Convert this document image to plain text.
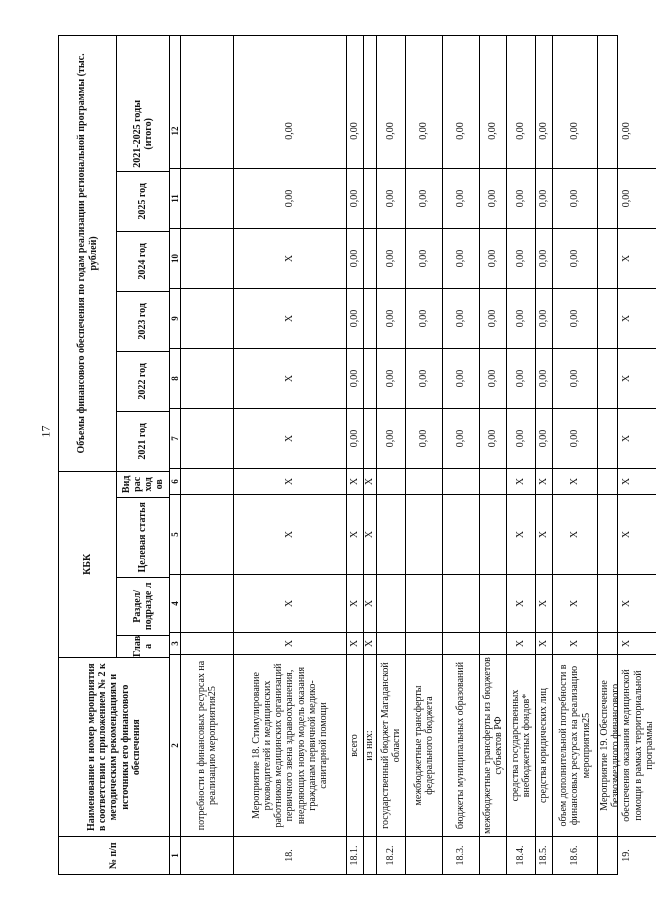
17
№ п/п
Наименование и номер мероприятия в соответствии с приложением № 2 к методическим рекомендациям и источники его финансового обеспечения
КБК
Глав а
Раздел/ подразде л
Целевая статья
Вид рас ход ов
Объемы финансового обеспечения по годам реализации региональной программы (тыс. рублей)
2021 год
2022 год
2023 год
2024 год
2025 год
2021-2025 годы (итого)
1
2
3
4
5
6
7
8
9
10
11
12
потребности в финансовых ресурсах на реализацию мероприятия25
18.
Мероприятие 18. Стимулирование руководителей и медицинских работников медицинских организаций первичного звена здравоохранения, внедряющих новую модель оказания гражданам первичной медико-санитарной помощи
X
X
X
X
X
X
X
X
0,00
0,00
18.1.
всего
X
X
X
X
0,00
0,00
0,00
0,00
0,00
0,00
из них:
X
X
X
X
18.2.
государственный бюджет Магаданской области
0,00
0,00
0,00
0,00
0,00
0,00
межбюджетные трансферты федерального бюджета
0,00
0,00
0,00
0,00
0,00
0,00
18.3.
бюджеты муниципальных образований
0,00
0,00
0,00
0,00
0,00
0,00
межбюджетные трансферты из бюджетов субъектов РФ
0,00
0,00
0,00
0,00
0,00
0,00
18.4.
средства государственных внебюджетных фондов*
X
X
X
X
0,00
0,00
0,00
0,00
0,00
0,00
18.5.
средства юридических лиц
X
X
X
X
0,00
0,00
0,00
0,00
0,00
0,00
18.6.
объем дополнительной потребности в финансовых ресурсах на реализацию мероприятия25
X
X
X
X
0,00
0,00
0,00
0,00
0,00
0,00
19.
Мероприятие 19. Обеспечение безвозмездного финансового обеспечения оказания медицинской помощи в рамках территориальной программы
X
X
X
X
X
X
X
X
0,00
0,00
